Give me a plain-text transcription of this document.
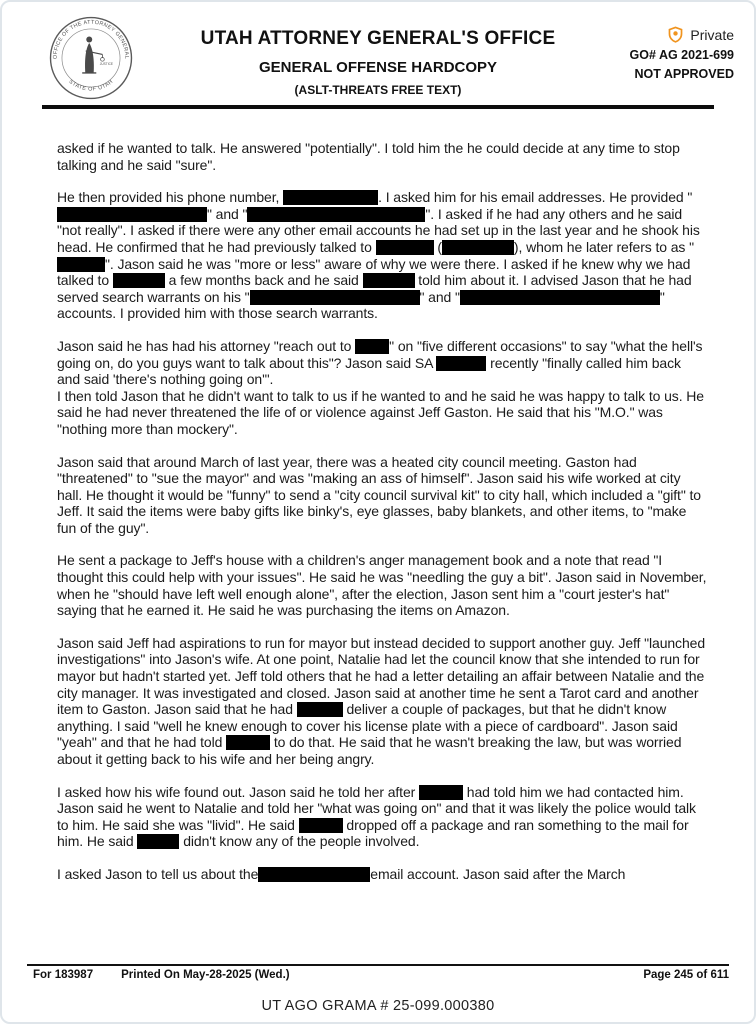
OFFICE OF THE ATTORNEY GENERAL
STATE OF UTAH
JUSTICE
UTAH ATTORNEY GENERAL'S OFFICE
GENERAL OFFENSE HARDCOPY
(ASLT-THREATS FREE TEXT)
Private
GO# AG 2021-699
NOT APPROVED

asked if he wanted to talk. He answered "potentially". I told him the he could decide at any time to stop talking and he said "sure".

He then provided his phone number,	. I asked him for his email addresses. He provided "" and "	". I asked if he had any others and he said "not really". I asked if there were any other email accounts he had set up in the last year and he shook his head. He confirmed that he had previously talked to	(	), whom he later refers to as "". Jason said he was "more or less" aware of why we were there. I asked if he knew why we had talked to	a few months back and he said	told him about it. I advised Jason that he had served search warrants on his "	" and "	" accounts. I provided him with those search warrants.

Jason said he has had his attorney "reach out to " on "five different occasions" to say "what the hell's going on, do you guys want to talk about this"? Jason said SA	recently "finally called him back and said 'there's nothing going on'".
I then told Jason that he didn't want to talk to us if he wanted to and he said he was happy to talk to us. He said he had never threatened the life of or violence against Jeff Gaston. He said that his "M.O." was "nothing more than mockery".

Jason said that around March of last year, there was a heated city council meeting. Gaston had "threatened" to "sue the mayor" and was "making an ass of himself". Jason said his wife worked at city hall. He thought it would be "funny" to send a "city council survival kit" to city hall, which included a "gift" to Jeff. It said the items were baby gifts like binky's, eye glasses, baby blankets, and other items, to "make fun of the guy".

He sent a package to Jeff's house with a children's anger management book and a note that read "I thought this could help with your issues". He said he was "needling the guy a bit". Jason said in November, when he "should have left well enough alone", after the election, Jason sent him a "court jester's hat" saying that he earned it. He said he was purchasing the items on Amazon.

Jason said Jeff had aspirations to run for mayor but instead decided to support another guy. Jeff "launched investigations" into Jason's wife. At one point, Natalie had let the council know that she intended to run for mayor but hadn't started yet. Jeff told others that he had a letter detailing an affair between Natalie and the city manager. It was investigated and closed. Jason said at another time he sent a Tarot card and another item to Gaston. Jason said that he had	deliver a couple of packages, but that he didn't know anything. I said "well he knew enough to cover his license plate with a piece of cardboard". Jason said "yeah" and that he had told	to do that. He said that he wasn't breaking the law, but was worried about it getting back to his wife and her being angry.

I asked how his wife found out. Jason said he told her after	had told him we had contacted him. Jason said he went to Natalie and told her "what was going on" and that it was likely the police would talk to him. He said she was "livid". He said	dropped off a package and ran something to the mail for him. He said	didn't know any of the people involved.

I asked Jason to tell us about the	email account. Jason said after the March

For 183987 Printed On May-28-2025 (Wed.)	Page 245 of 611
UT AGO GRAMA # 25-099.000380
